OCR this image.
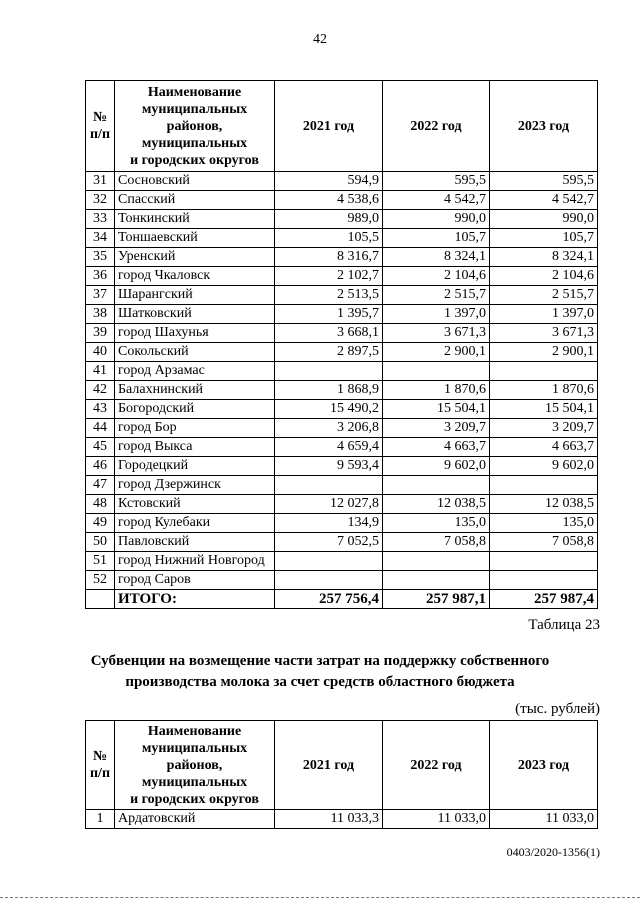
42
№ п/п	Наименование
муниципальных
районов,
муниципальных
и городских округов	2021 год	2022 год	2023 год
31	Сосновский	594,9	595,5	595,5
32	Спасский	4 538,6	4 542,7	4 542,7
33	Тонкинский	989,0	990,0	990,0
34	Тоншаевский	105,5	105,7	105,7
35	Уренский	8 316,7	8 324,1	8 324,1
36	город Чкаловск	2 102,7	2 104,6	2 104,6
37	Шарангский	2 513,5	2 515,7	2 515,7
38	Шатковский	1 395,7	1 397,0	1 397,0
39	город Шахунья	3 668,1	3 671,3	3 671,3
40	Сокольский	2 897,5	2 900,1	2 900,1
41	город Арзамас			
42	Балахнинский	1 868,9	1 870,6	1 870,6
43	Богородский	15 490,2	15 504,1	15 504,1
44	город Бор	3 206,8	3 209,7	3 209,7
45	город Выкса	4 659,4	4 663,7	4 663,7
46	Городецкий	9 593,4	9 602,0	9 602,0
47	город Дзержинск			
48	Кстовский	12 027,8	12 038,5	12 038,5
49	город Кулебаки	134,9	135,0	135,0
50	Павловский	7 052,5	7 058,8	7 058,8
51	город Нижний Новгород			
52	город Саров			
	ИТОГО:	257 756,4	257 987,1	257 987,4
Таблица 23
Субвенции на возмещение части затрат на поддержку собственного
производства молока за счет средств областного бюджета
(тыс. рублей)
№ п/п	Наименование
муниципальных
районов,
муниципальных
и городских округов	2021 год	2022 год	2023 год
1	Ардатовский	11 033,3	11 033,0	11 033,0
0403/2020-1356(1)
